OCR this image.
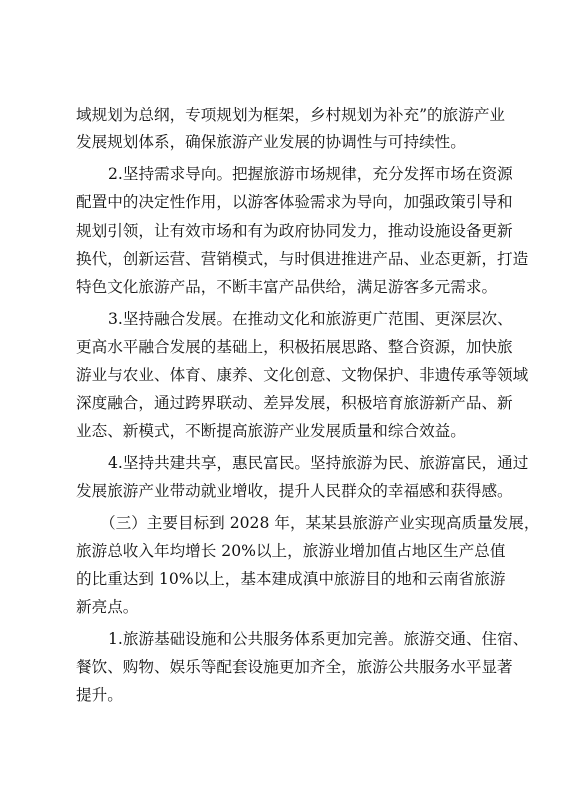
域规划为总纲，专项规划为框架，乡村规划为补充”的旅游产业
发展规划体系，确保旅游产业发展的协调性与可持续性。
2.坚持需求导向。把握旅游市场规律，充分发挥市场在资源
配置中的决定性作用，以游客体验需求为导向，加强政策引导和
规划引领，让有效市场和有为政府协同发力，推动设施设备更新
换代，创新运营、营销模式，与时俱进推进产品、业态更新，打造
特色文化旅游产品，不断丰富产品供给，满足游客多元需求。
3.坚持融合发展。在推动文化和旅游更广范围、更深层次、
更高水平融合发展的基础上，积极拓展思路、整合资源，加快旅
游业与农业、体育、康养、文化创意、文物保护、非遗传承等领域
深度融合，通过跨界联动、差异发展，积极培育旅游新产品、新
业态、新模式，不断提高旅游产业发展质量和综合效益。
4.坚持共建共享，惠民富民。坚持旅游为民、旅游富民，通过
发展旅游产业带动就业增收，提升人民群众的幸福感和获得感。
（三）主要目标到 2028 年，某某县旅游产业实现高质量发展，
旅游总收入年均增长 20%以上，旅游业增加值占地区生产总值
的比重达到 10%以上，基本建成滇中旅游目的地和云南省旅游
新亮点。
1.旅游基础设施和公共服务体系更加完善。旅游交通、住宿、
餐饮、购物、娱乐等配套设施更加齐全，旅游公共服务水平显著
提升。
